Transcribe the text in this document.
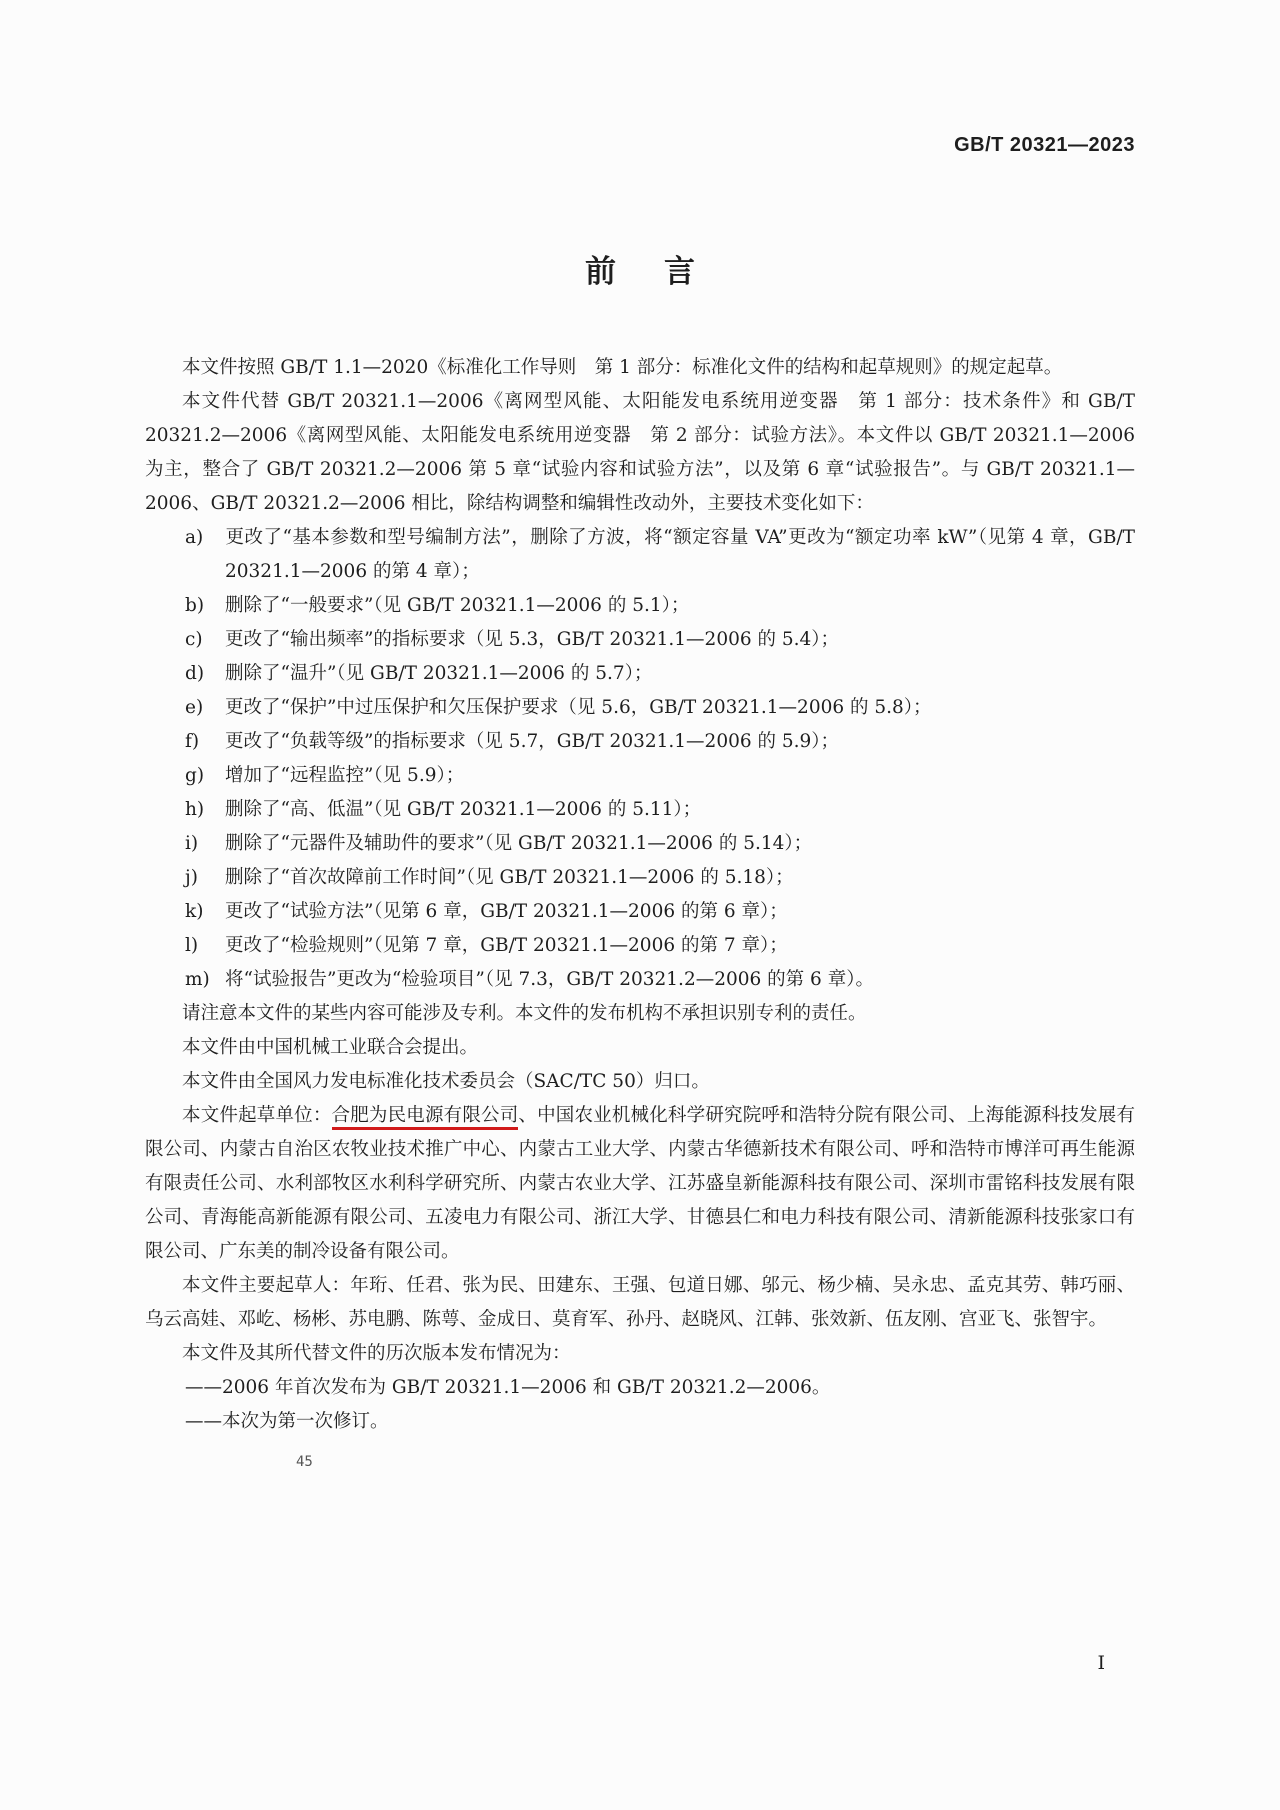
GB/T 20321—2023
前言

本文件按照 GB/T 1.1—2020《标准化工作导则　第 1 部分：标准化文件的结构和起草规则》的规定起草。

本文件代替 GB/T 20321.1—2006《离网型风能、太阳能发电系统用逆变器　第 1 部分：技术条件》和 GB/T 20321.2—2006《离网型风能、太阳能发电系统用逆变器　第 2 部分：试验方法》。本文件以 GB/T 20321.1—2006 为主，整合了 GB/T 20321.2—2006 第 5 章“试验内容和试验方法”，以及第 6 章“试验报告”。与 GB/T 20321.1—2006、GB/T 20321.2—2006 相比，除结构调整和编辑性改动外，主要技术变化如下：

a) 更改了“基本参数和型号编制方法”，删除了方波，将“额定容量 VA”更改为“额定功率 kW”（见第 4 章，GB/T 20321.1—2006 的第 4 章）；

b) 删除了“一般要求”（见 GB/T 20321.1—2006 的 5.1）；

c) 更改了“输出频率”的指标要求（见 5.3，GB/T 20321.1—2006 的 5.4）；

d) 删除了“温升”（见 GB/T 20321.1—2006 的 5.7）；

e) 更改了“保护”中过压保护和欠压保护要求（见 5.6，GB/T 20321.1—2006 的 5.8）；

f) 更改了“负载等级”的指标要求（见 5.7，GB/T 20321.1—2006 的 5.9）；

g) 增加了“远程监控”（见 5.9）；

h) 删除了“高、低温”（见 GB/T 20321.1—2006 的 5.11）；

i) 删除了“元器件及辅助件的要求”（见 GB/T 20321.1—2006 的 5.14）；

j) 删除了“首次故障前工作时间”（见 GB/T 20321.1—2006 的 5.18）；

k) 更改了“试验方法”（见第 6 章，GB/T 20321.1—2006 的第 6 章）；

l) 更改了“检验规则”（见第 7 章，GB/T 20321.1—2006 的第 7 章）；

m) 将“试验报告”更改为“检验项目”（见 7.3，GB/T 20321.2—2006 的第 6 章）。

请注意本文件的某些内容可能涉及专利。本文件的发布机构不承担识别专利的责任。

本文件由中国机械工业联合会提出。

本文件由全国风力发电标准化技术委员会（SAC/TC 50）归口。

本文件起草单位：合肥为民电源有限公司、中国农业机械化科学研究院呼和浩特分院有限公司、上海能源科技发展有限公司、内蒙古自治区农牧业技术推广中心、内蒙古工业大学、内蒙古华德新技术有限公司、呼和浩特市博洋可再生能源有限责任公司、水利部牧区水利科学研究所、内蒙古农业大学、江苏盛皇新能源科技有限公司、深圳市雷铭科技发展有限公司、青海能高新能源有限公司、五凌电力有限公司、浙江大学、甘德县仁和电力科技有限公司、清新能源科技张家口有限公司、广东美的制冷设备有限公司。

本文件主要起草人：年珩、任君、张为民、田建东、王强、包道日娜、邬元、杨少楠、吴永忠、孟克其劳、韩巧丽、乌云高娃、邓屹、杨彬、苏电鹏、陈萼、金成日、莫育军、孙丹、赵晓风、江韩、张效新、伍友刚、宫亚飞、张智宇。

本文件及其所代替文件的历次版本发布情况为：

——2006 年首次发布为 GB/T 20321.1—2006 和 GB/T 20321.2—2006。

——本次为第一次修订。

45
I
